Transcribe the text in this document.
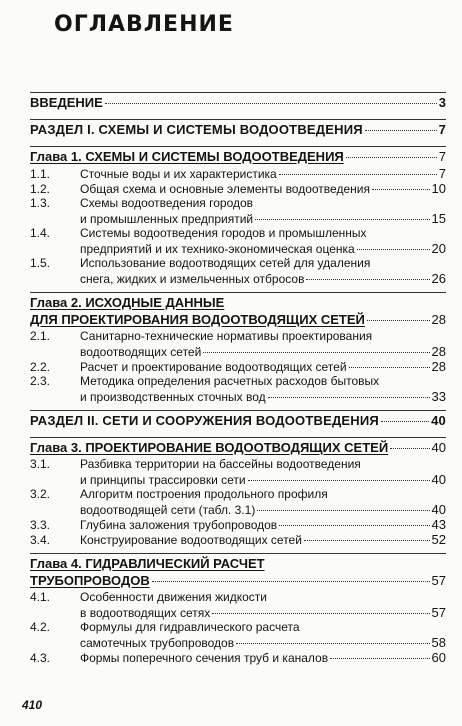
ОГЛАВЛЕНИЕ
ВВЕДЕНИЕ	3
РАЗДЕЛ I. СХЕМЫ И СИСТЕМЫ ВОДООТВЕДЕНИЯ	7
Глава 1. СХЕМЫ И СИСТЕМЫ ВОДООТВЕДЕНИЯ	7
1.1.	Сточные воды и их характеристика	7
1.2.	Общая схема и основные элементы водоотведения	10
1.3.	Схемы водоотведения городов
и промышленных предприятий	15
1.4.	Системы водоотведения городов и промышленных
предприятий и их технико-экономическая оценка	20
1.5.	Использование водоотводящих сетей для удаления
снега, жидких и измельченных отбросов	26
Глава 2. ИСХОДНЫЕ ДАННЫЕ
ДЛЯ ПРОЕКТИРОВАНИЯ ВОДООТВОДЯЩИХ СЕТЕЙ	28
2.1.	Санитарно-технические нормативы проектирования
водоотводящих сетей	28
2.2.	Расчет и проектирование водоотводящих сетей	28
2.3.	Методика определения расчетных расходов бытовых
и производственных сточных вод	33
РАЗДЕЛ II. СЕТИ И СООРУЖЕНИЯ ВОДООТВЕДЕНИЯ	40
Глава 3. ПРОЕКТИРОВАНИЕ ВОДООТВОДЯЩИХ СЕТЕЙ	40
3.1.	Разбивка территории на бассейны водоотведения
и принципы трассировки сети	40
3.2.	Алгоритм построения продольного профиля
водоотводящей сети (табл. 3.1)	40
3.3.	Глубина заложения трубопроводов	43
3.4.	Конструирование водоотводящих сетей	52
Глава 4. ГИДРАВЛИЧЕСКИЙ РАСЧЕТ
ТРУБОПРОВОДОВ	57
4.1.	Особенности движения жидкости
в водоотводящих сетях	57
4.2.	Формулы для гидравлического расчета
самотечных трубопроводов	58
4.3.	Формы поперечного сечения труб и каналов	60
410
